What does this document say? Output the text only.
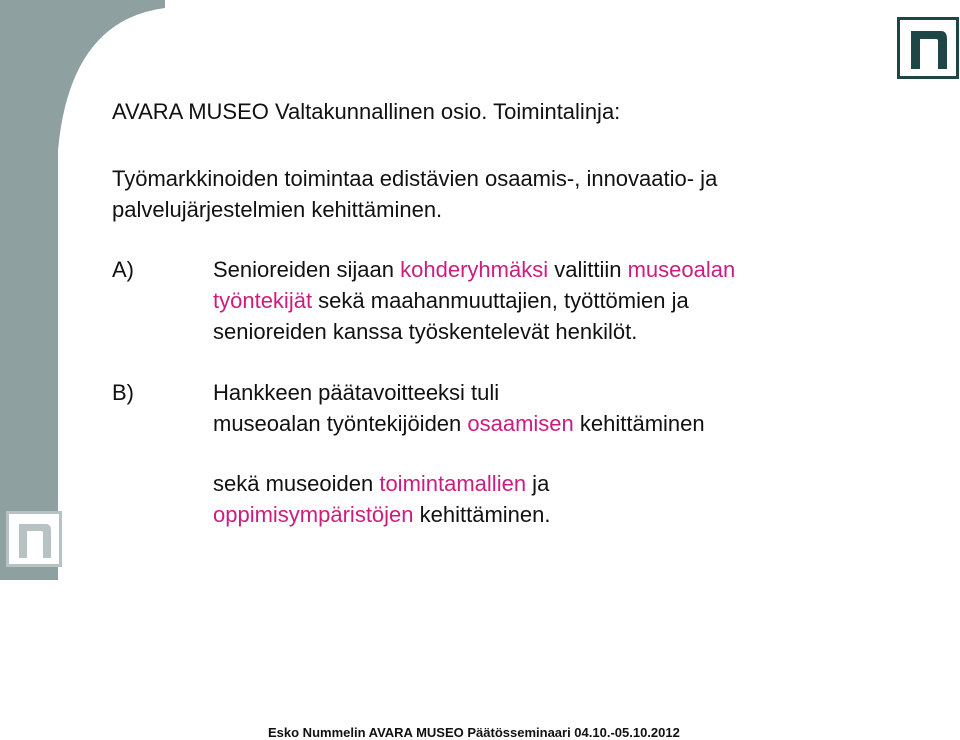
AVARA MUSEO Valtakunnallinen osio. Toimintalinja:
Työmarkkinoiden toimintaa edistävien osaamis-, innovaatio- ja
palvelujärjestelmien kehittäminen.
A)	Senioreiden sijaan kohderyhmäksi valittiin museoalan
työntekijät sekä maahanmuuttajien, työttömien ja
senioreiden kanssa työskentelevät henkilöt.
B)	Hankkeen päätavoitteeksi tuli
museoalan työntekijöiden osaamisen kehittäminen
sekä museoiden toimintamallien ja
oppimisympäristöjen kehittäminen.
Esko Nummelin AVARA MUSEO Päätösseminaari 04.10.-05.10.2012
